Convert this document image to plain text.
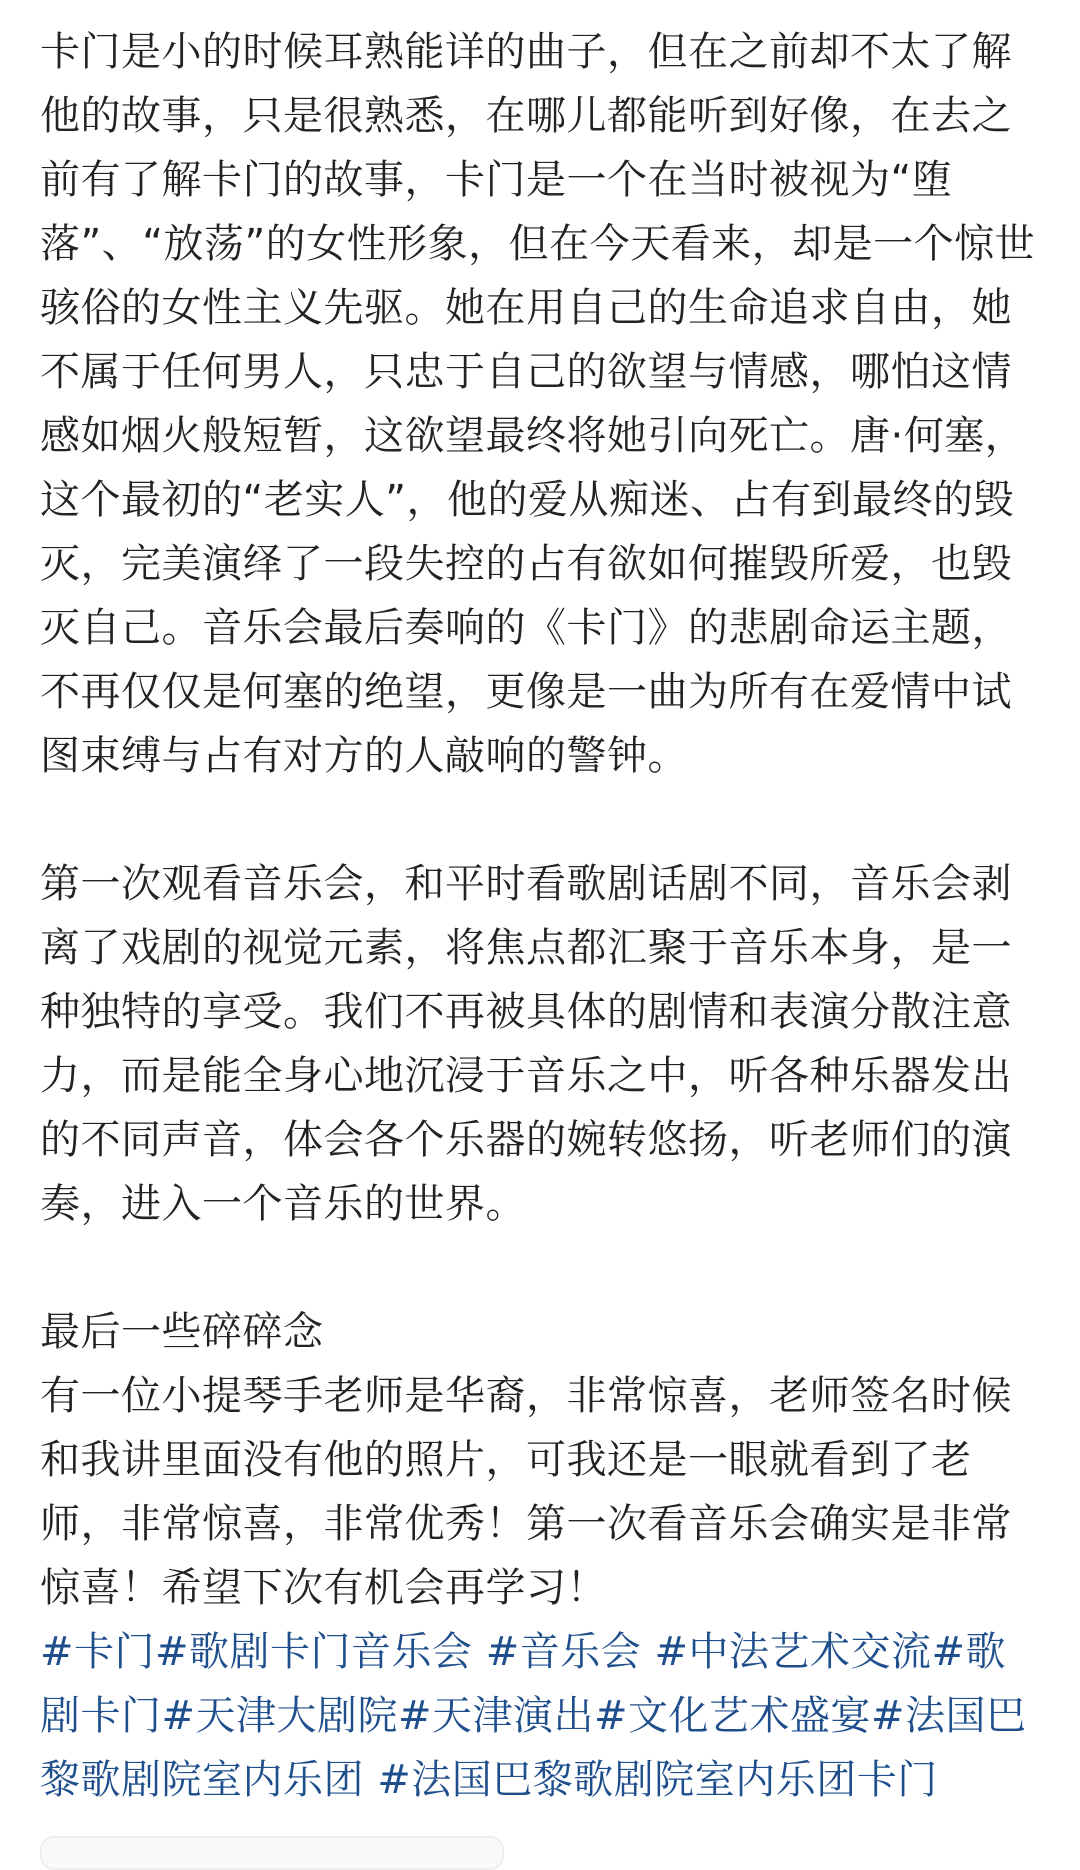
卡门是小的时候耳熟能详的曲子，但在之前却不太了解他的故事，只是很熟悉，在哪儿都能听到好像，在去之前有了解卡门的故事，卡门是一个在当时被视为“堕落”、“放荡”的女性形象，但在今天看来，却是一个惊世骇俗的女性主义先驱。她在用自己的生命追求自由，她不属于任何男人，只忠于自己的欲望与情感，哪怕这情感如烟火般短暂，这欲望最终将她引向死亡。唐·何塞，这个最初的“老实人”，他的爱从痴迷、占有到最终的毁灭，完美演绎了一段失控的占有欲如何摧毁所爱，也毁灭自己。音乐会最后奏响的《卡门》的悲剧命运主题，不再仅仅是何塞的绝望，更像是一曲为所有在爱情中试图束缚与占有对方的人敲响的警钟。

第一次观看音乐会，和平时看歌剧话剧不同，音乐会剥离了戏剧的视觉元素，将焦点都汇聚于音乐本身，是一种独特的享受。我们不再被具体的剧情和表演分散注意力，而是能全身心地沉浸于音乐之中，听各种乐器发出的不同声音，体会各个乐器的婉转悠扬，听老师们的演奏，进入一个音乐的世界。

最后一些碎碎念

有一位小提琴手老师是华裔，非常惊喜，老师签名时候和我讲里面没有他的照片，可我还是一眼就看到了老师，非常惊喜，非常优秀！第一次看音乐会确实是非常惊喜！希望下次有机会再学习！

#卡门#歌剧卡门音乐会 #音乐会 #中法艺术交流#歌剧卡门#天津大剧院#天津演出#文化艺术盛宴#法国巴黎歌剧院室内乐团 #法国巴黎歌剧院室内乐团卡门
